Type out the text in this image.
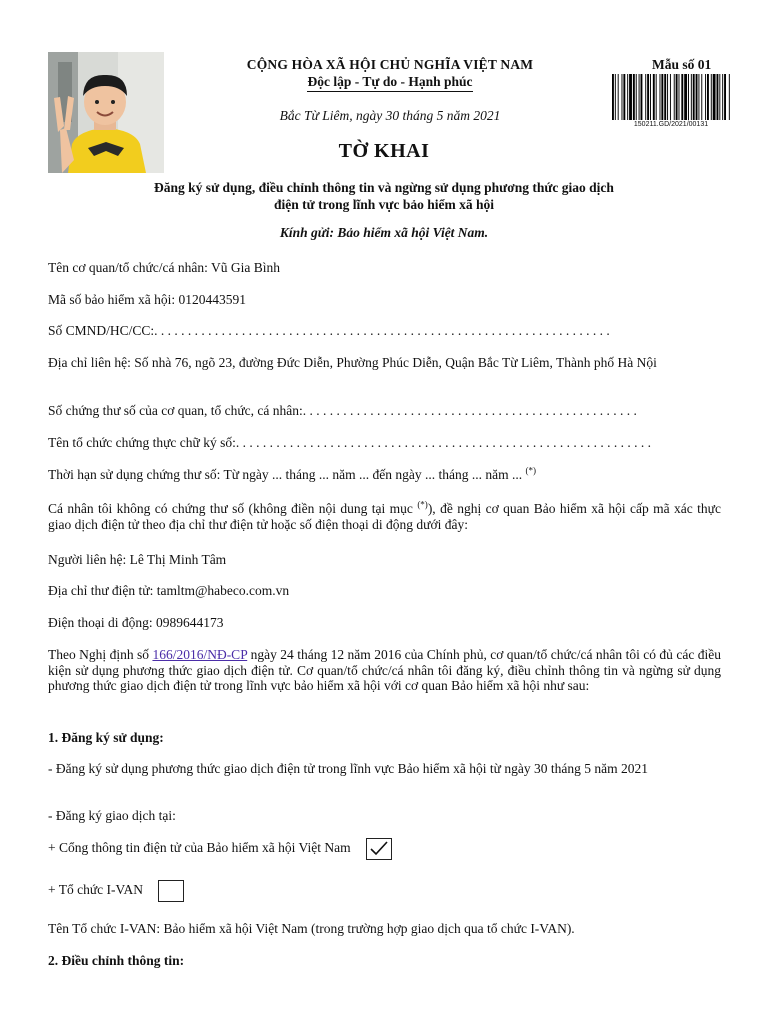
CỘNG HÒA XÃ HỘI CHỦ NGHĨA VIỆT NAM
Độc lập - Tự do - Hạnh phúc
Bắc Từ Liêm, ngày 30 tháng 5 năm 2021
Mẫu số 01
150211.GD/2021/00131
TỜ KHAI
Đăng ký sử dụng, điều chỉnh thông tin và ngừng sử dụng phương thức giao dịch điện tử trong lĩnh vực bảo hiểm xã hội
Kính gửi: Bảo hiểm xã hội Việt Nam.
Tên cơ quan/tổ chức/cá nhân: Vũ Gia Bình
Mã số bảo hiểm xã hội: 0120443591
Số CMND/HC/CC:. . . . . . . . . . . . . . . . . . . . . . . . . . . . . . . . . . . . . . . . . . . . . . . . . . . . . . . . . . . . . . . . . . . .
Địa chỉ liên hệ: Số nhà 76, ngõ 23, đường Đức Diễn, Phường Phúc Diễn, Quận Bắc Từ Liêm, Thành phố Hà Nội
Số chứng thư số của cơ quan, tổ chức, cá nhân:. . . . . . . . . . . . . . . . . . . . . . . . . . . . . . . . . . . . . . . . . . . . . . . . . .
Tên tổ chức chứng thực chữ ký số:. . . . . . . . . . . . . . . . . . . . . . . . . . . . . . . . . . . . . . . . . . . . . . . . . . . . . . . . . . . . . .
Thời hạn sử dụng chứng thư số: Từ ngày ... tháng ... năm ... đến ngày ... tháng ... năm ... (*)
Cá nhân tôi không có chứng thư số (không điền nội dung tại mục (*)), đề nghị cơ quan Bảo hiểm xã hội cấp mã xác thực giao dịch điện tử theo địa chỉ thư điện tử hoặc số điện thoại di động dưới đây:
Người liên hệ: Lê Thị Minh Tâm
Địa chỉ thư điện tử: tamltm@habeco.com.vn
Điện thoại di động: 0989644173
Theo Nghị định số 166/2016/NĐ-CP ngày 24 tháng 12 năm 2016 của Chính phủ, cơ quan/tổ chức/cá nhân tôi có đủ các điều kiện sử dụng phương thức giao dịch điện tử. Cơ quan/tổ chức/cá nhân tôi đăng ký, điều chỉnh thông tin và ngừng sử dụng phương thức giao dịch điện tử trong lĩnh vực bảo hiểm xã hội với cơ quan Bảo hiểm xã hội như sau:
1. Đăng ký sử dụng:
- Đăng ký sử dụng phương thức giao dịch điện tử trong lĩnh vực Bảo hiểm xã hội từ ngày 30 tháng 5 năm 2021
- Đăng ký giao dịch tại:
+ Cổng thông tin điện tử của Bảo hiểm xã hội Việt Nam
+ Tổ chức I-VAN
Tên Tổ chức I-VAN: Bảo hiểm xã hội Việt Nam (trong trường hợp giao dịch qua tổ chức I-VAN).
2. Điều chỉnh thông tin:
